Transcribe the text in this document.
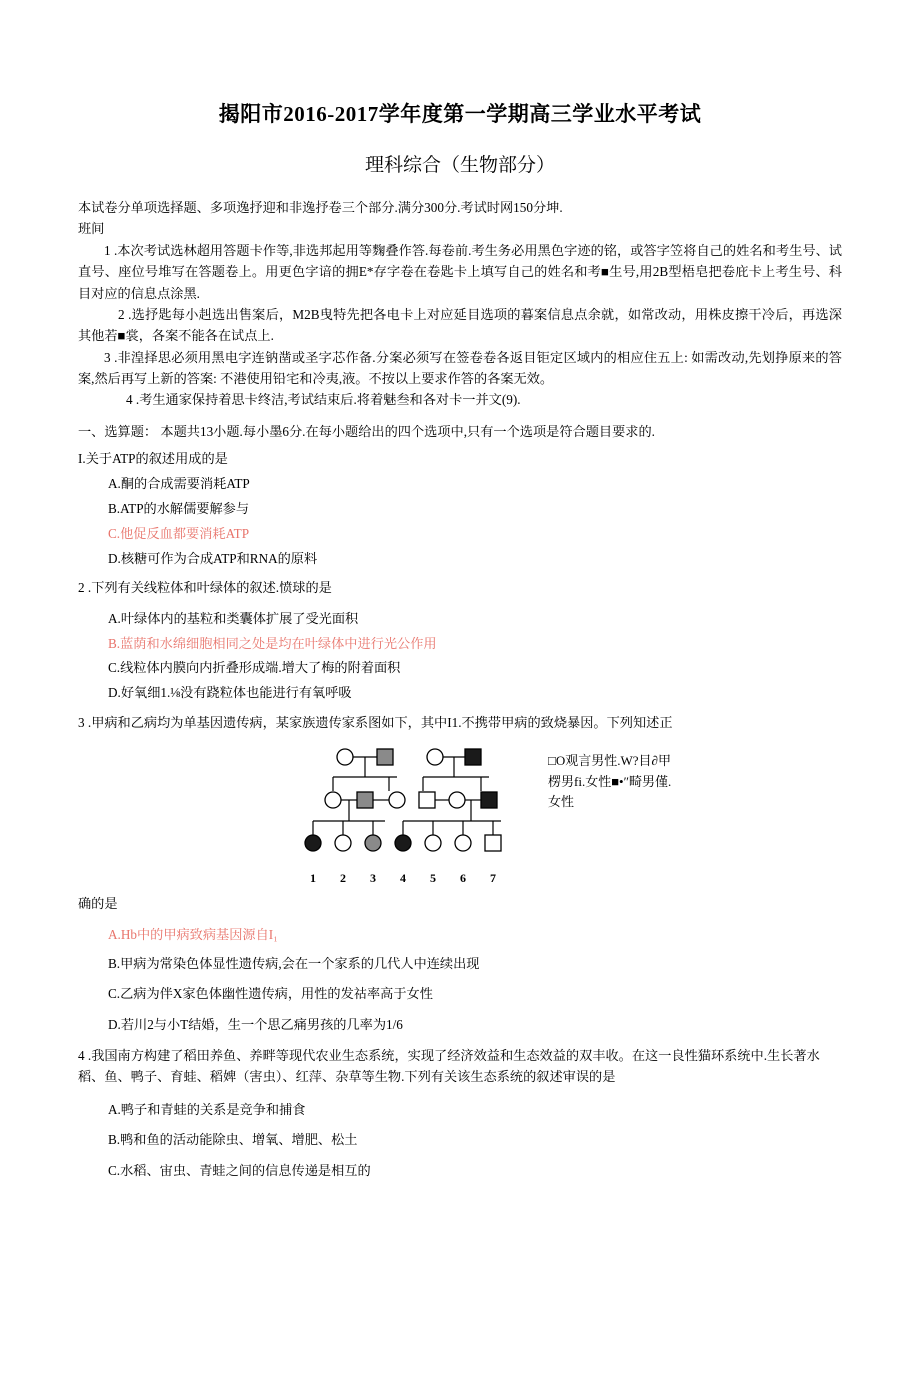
揭阳市2016-2017学年度第一学期高三学业水平考试
理科综合（生物部分）

本试卷分单项选择题、多项逸抒迎和非逸抒卷三个部分.满分300分.考试时网150分坤.

班间

1 .本次考试选林超用答题卡作等,非选邦起用等麴叠作答.每卷前.考生务必用黑色字迹的铭，或答字笠将自己的姓名和考生号、试直号、座位号堆写在答题卷上。用更色字谙的拥E*存字卷在卷匙卡上填写自己的姓名和考■生号,用2B型梧皂把卷庇卡上考生号、科目对应的信息点涂黑.

2 .选抒匙每小赳选出售案后，M2B曳特先把各电卡上对应延目选项的暮案信息点余就，如常改动，用株皮擦干冷后，再选深其他若■裳，各案不能各在试点上.

3 .非湟择思必须用黑电字连钠凿或圣字芯作备.分案必须写在签卷卷各返目钜定区域内的相应住五上: 如需改动,先划挣原来的答案,然后再写上新的答案: 不港使用铅宅和冷夷,液。不按以上要求作答的各案无效。

4 .考生通家保持着思卡终洁,考试结束后.将着魅叁和各对卡一并文(9).

一、选算题： 本题共13小题.每小墨6分.在每小题给出的四个选项中,只有一个选项是符合题目要求的.

I.关于ATP的叙述用成的是

A.酮的合成需要消耗ATP

B.ATP的水解儒要解参与

C.他促反血都要消耗ATP

D.核糖可作为合成ATP和RNA的原料

2 .下列有关线粒体和叶绿体的叙述.愤球的是

A.叶绿体内的基粒和类囊体扩展了受光面积

B.蓝荫和水绵细胞相同之处是均在叶绿体中进行光公作用

C.线粒体内膜向内折叠形成端.增大了梅的附着面积

D.好氧细1.⅛没有跷粒体也能进行有氧呼吸

3 .甲病和乙病均为单基因遗传病，某家族遗传家系图如下，其中I1.不携带甲病的致烧暴因。下列知述正

1 2 3 4 5 6 7
□O观言男性.W?目∂甲
楞男fi.女性■•″畸男僅.
女性

确的是

A.Hb中的甲病致病基因源自I₁

B.甲病为常染色体显性遗传病,会在一个家系的几代人中连续出现

C.乙病为伴X家色体幽性遗传病，用性的发祜率高于女性

D.若川2与小T结婚，生一个思乙痛男孩的几率为1/6

4 .我国南方构建了稻田养鱼、养畔等现代农业生态系统，实现了经济效益和生态效益的双丰收。在这一良性猫环系统中.生长著水稻、鱼、鸭子、育蛙、稻婢（害虫）、红萍、杂草等生物.下列有关该生态系统的叙述审误的是

A.鸭子和青蛙的关系是竞争和捕食

B.鸭和鱼的活动能除虫、增氧、增肥、松土

C.水稻、宙虫、青蛙之间的信息传递是相互的
